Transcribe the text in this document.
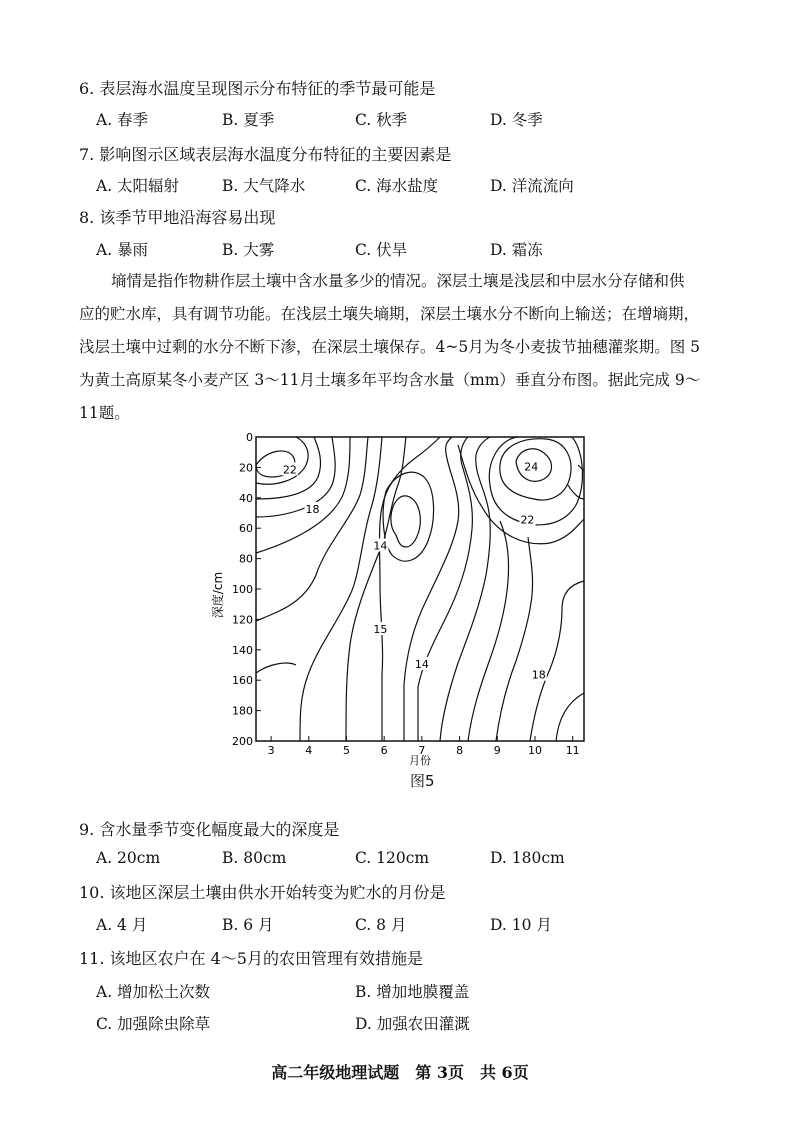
6. 表层海水温度呈现图示分布特征的季节最可能是
A. 春季	B. 夏季	C. 秋季	D. 冬季
7. 影响图示区域表层海水温度分布特征的主要因素是
A. 太阳辐射	B. 大气降水	C. 海水盐度	D. 洋流流向
8. 该季节甲地沿海容易出现
A. 暴雨	B. 大雾	C. 伏旱	D. 霜冻
墒情是指作物耕作层土壤中含水量多少的情况。深层土壤是浅层和中层水分存储和供
应的贮水库，具有调节功能。在浅层土壤失墒期，深层土壤水分不断向上输送；在增墒期，
浅层土壤中过剩的水分不断下渗，在深层土壤保存。4~5月为冬小麦拔节抽穗灌浆期。图 5
为黄土高原某冬小麦产区 3～11月土壤多年平均含水量（mm）垂直分布图。据此完成 9～
11题。
0
20
40
60
80
100
120
140
160
180
200
3	4	5	6	7	8	9 10 11
深度/cm
月份
22
18
14
15
14
18
24
22
图5
9. 含水量季节变化幅度最大的深度是
A. 20cm	B. 80cm	C. 120cm	D. 180cm
10. 该地区深层土壤由供水开始转变为贮水的月份是
A. 4 月	B. 6 月	C. 8 月	D. 10 月
11. 该地区农户在 4～5月的农田管理有效措施是
A. 增加松土次数	B. 增加地膜覆盖
C. 加强除虫除草	D. 加强农田灌溉
高二年级地理试题　第 3页　共 6页
